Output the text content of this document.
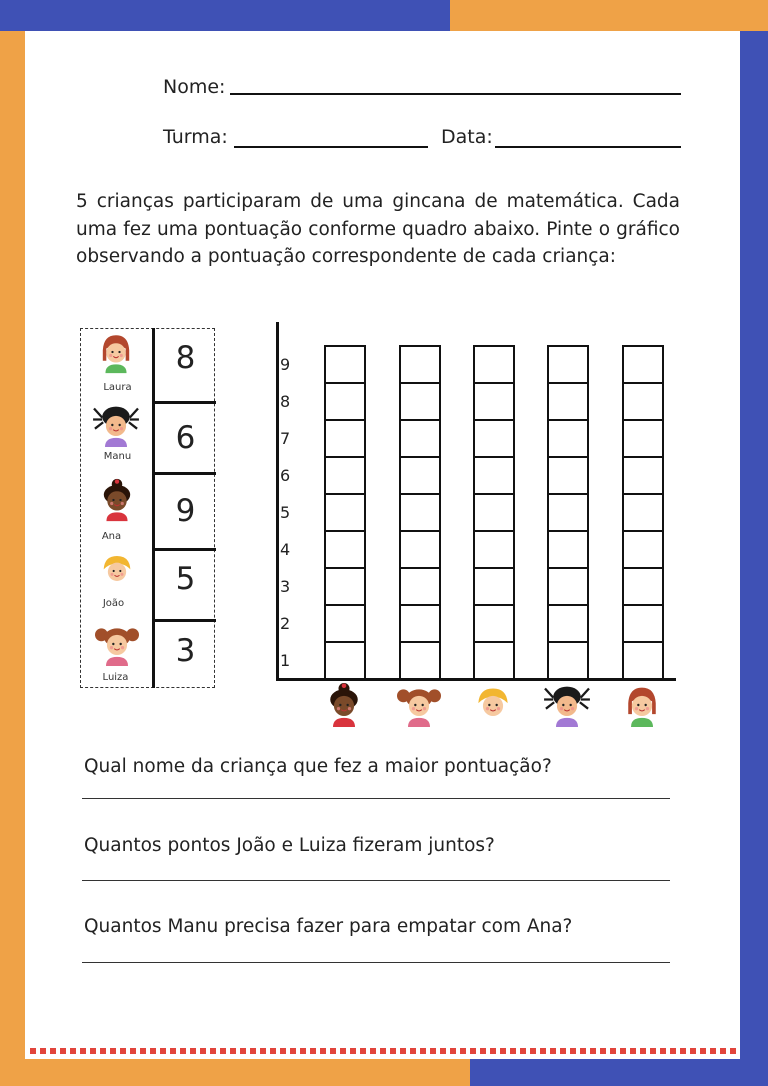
Nome:
Turma:	Data:
5 crianças participaram de uma gincana de matemática. Cada uma fez uma pontuação conforme quadro abaixo. Pinte o gráfico observando a pontuação correspondente de cada criança:
Laura
8
Manu
6
Ana
9
João
5
Luiza
3	1
2
3
4
5
6
7
8
9
Qual nome da criança que fez a maior pontuação?
Quantos pontos João e Luiza fizeram juntos?
Quantos Manu precisa fazer para empatar com Ana?
